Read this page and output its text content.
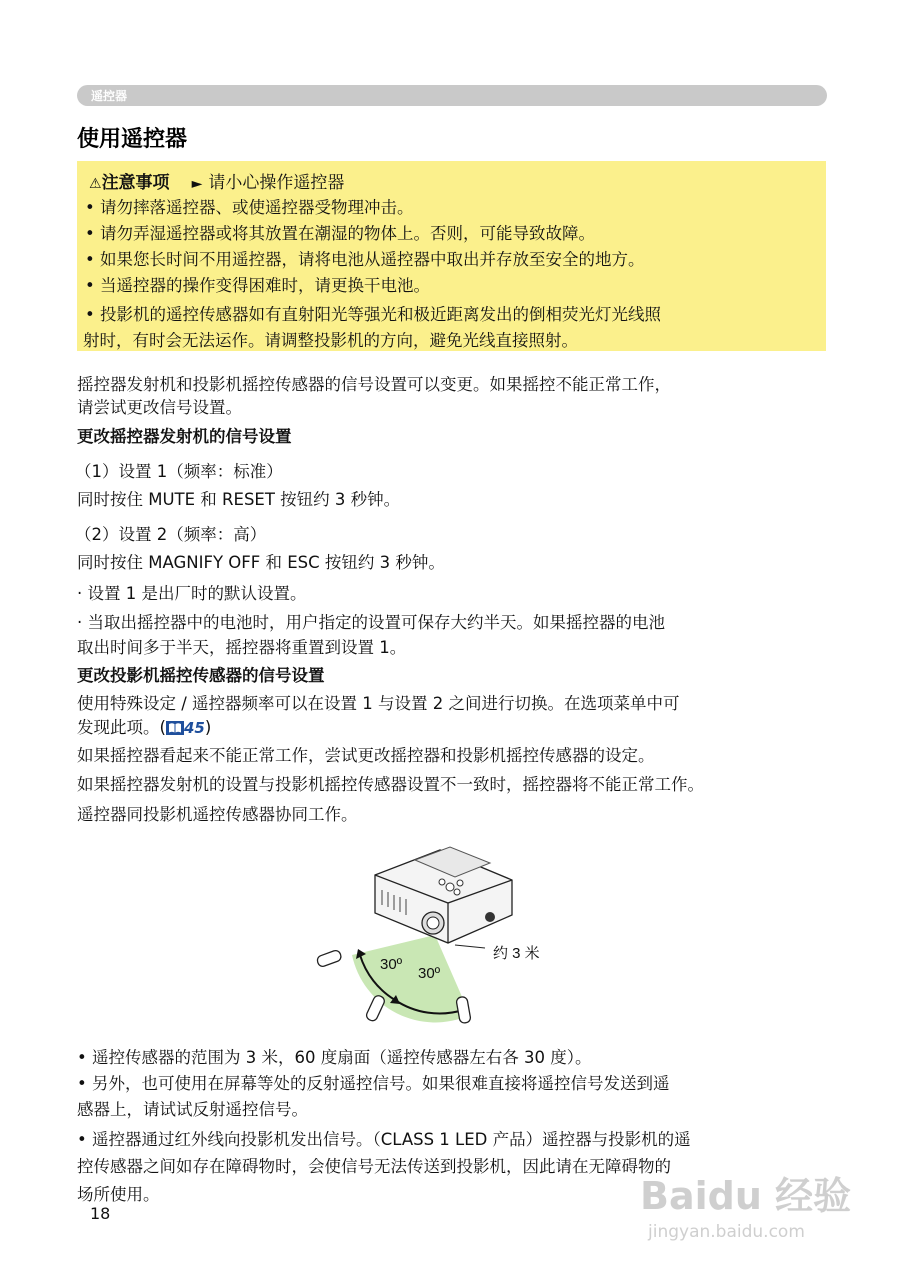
遥控器
使用遥控器
⚠注意事项 ► 请小心操作遥控器
• 请勿摔落遥控器、或使遥控器受物理冲击。
• 请勿弄湿遥控器或将其放置在潮湿的物体上。否则，可能导致故障。
• 如果您长时间不用遥控器，请将电池从遥控器中取出并存放至安全的地方。
• 当遥控器的操作变得困难时，请更换干电池。
• 投影机的遥控传感器如有直射阳光等强光和极近距离发出的倒相荧光灯光线照
射时，有时会无法运作。请调整投影机的方向，避免光线直接照射。
摇控器发射机和投影机摇控传感器的信号设置可以变更。如果摇控不能正常工作，
请尝试更改信号设置。
更改摇控器发射机的信号设置
（1）设置 1（频率：标准）
同时按住 MUTE 和 RESET 按钮约 3 秒钟。
（2）设置 2（频率：高）
同时按住 MAGNIFY OFF 和 ESC 按钮约 3 秒钟。
· 设置 1 是出厂时的默认设置。
· 当取出摇控器中的电池时，用户指定的设置可保存大约半天。如果摇控器的电池
取出时间多于半天，摇控器将重置到设置 1。
更改投影机摇控传感器的信号设置
使用特殊设定 / 遥控器频率可以在设置 1 与设置 2 之间进行切换。在选项菜单中可
发现此项。( 45)
如果摇控器看起来不能正常工作，尝试更改摇控器和投影机摇控传感器的设定。
如果摇控器发射机的设置与投影机摇控传感器设置不一致时，摇控器将不能正常工作。
遥控器同投影机遥控传感器协同工作。
30º
30º
约 3 米
• 遥控传感器的范围为 3 米，60 度扇面（遥控传感器左右各 30 度）。
• 另外，也可使用在屏幕等处的反射遥控信号。如果很难直接将遥控信号发送到遥
感器上，请试试反射遥控信号。
• 遥控器通过红外线向投影机发出信号。（CLASS 1 LED 产品）遥控器与投影机的遥
控传感器之间如存在障碍物时，会使信号无法传送到投影机，因此请在无障碍物的
场所使用。
18	Baidu 经验
jingyan.baidu.com
